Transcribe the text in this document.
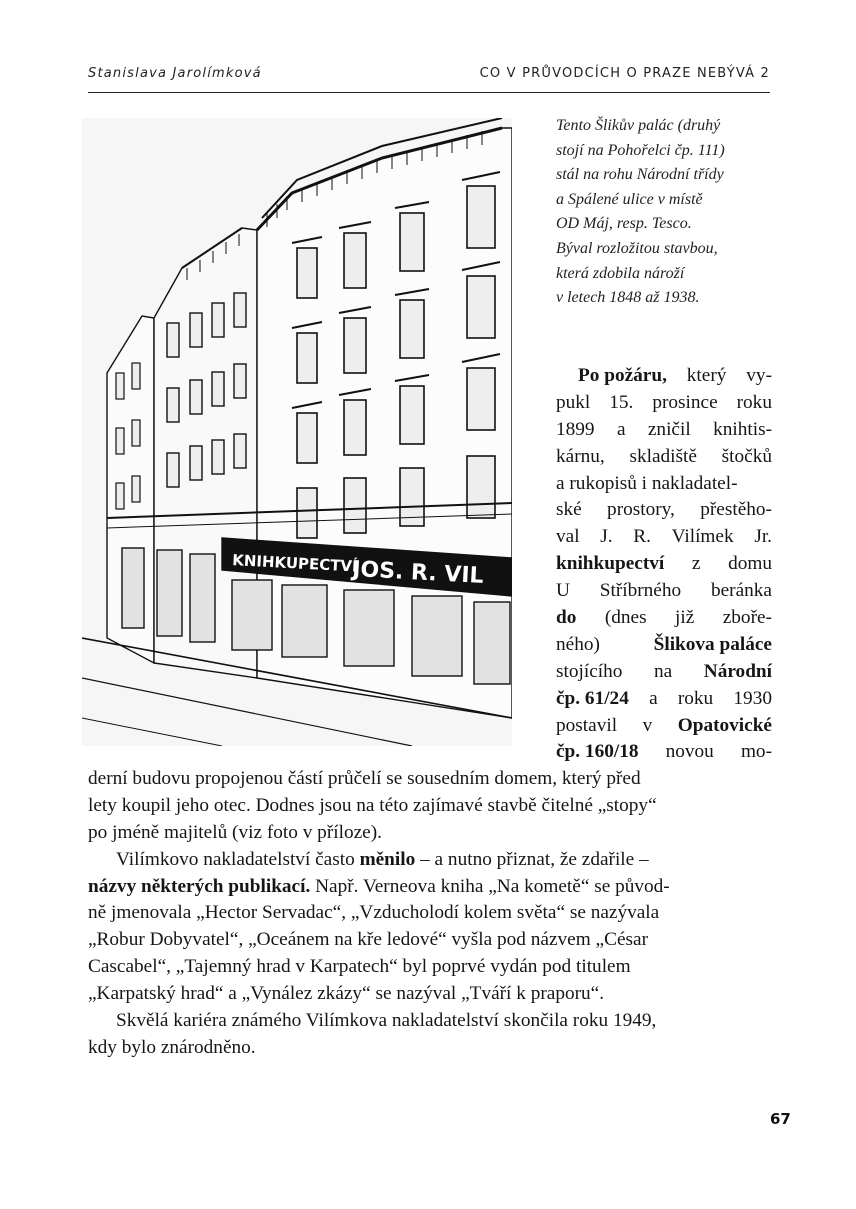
Stanislava Jarolímková	CO V PRŮVODCÍCH O PRAZE NEBÝVÁ 2
KNIHKUPECTVÍ
JOS. R. VIL
Tento Šlikův palác (druhý
stojí na Pohořelci čp. 111)
stál na rohu Národní třídy
a Spálené ulice v místě
OD Máj, resp. Tesco.
Býval rozložitou stavbou,
která zdobila nároží
v letech 1848 až 1938.
Po požáru, který vy-
pukl 15. prosince roku
1899 a zničil knihtis-
kárnu, skladiště štočků
a rukopisů i nakladatel-
ské prostory, přestěho-
val J. R. Vilímek Jr.
knihkupectví z domu
U Stříbrného beránka
do (dnes již zboře-
ného)	Šlikova paláce
stojícího na Národní
čp. 61/24 a roku 1930
postavil v Opatovické
čp. 160/18 novou mo-
derní budovu propojenou částí průčelí se sousedním domem, který před
lety koupil jeho otec. Dodnes jsou na této zajímavé stavbě čitelné „stopy“
po jméně majitelů (viz foto v příloze).
Vilímkovo nakladatelství často měnilo – a nutno přiznat, že zdařile –
názvy některých publikací. Např. Verneova kniha „Na kometě“ se původ-
ně jmenovala „Hector Servadac“, „Vzducholodí kolem světa“ se nazývala
„Robur Dobyvatel“, „Oceánem na kře ledové“ vyšla pod názvem „César
Cascabel“, „Tajemný hrad v Karpatech“ byl poprvé vydán pod titulem
„Karpatský hrad“ a „Vynález zkázy“ se nazýval „Tváří k praporu“.
Skvělá kariéra známého Vilímkova nakladatelství skončila roku 1949,
kdy bylo znárodněno.
67
